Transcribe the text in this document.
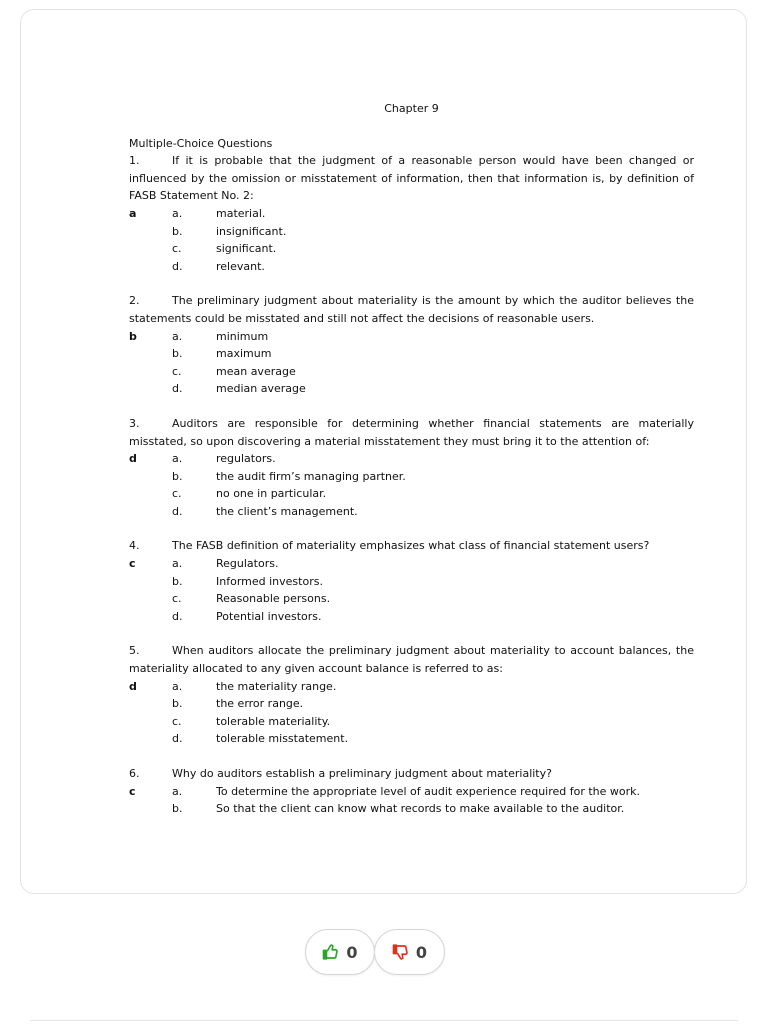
Chapter 9

Multiple-Choice Questions

1.	If it is probable that the judgment of a reasonable person would have been changed or influenced by the omission or misstatement of information, then that information is, by definition of FASB Statement No. 2:

a	a.	material.
b.	insignificant.
c.	significant.
d.	relevant.

2.	The preliminary judgment about materiality is the amount by which the auditor believes the statements could be misstated and still not affect the decisions of reasonable users.

b	a.	minimum
b.	maximum
c.	mean average
d.	median average

3.	Auditors are responsible for determining whether financial statements are materially misstated, so upon discovering a material misstatement they must bring it to the attention of:

d	a.	regulators.
b.	the audit firm’s managing partner.
c.	no one in particular.
d.	the client’s management.

4.	The FASB definition of materiality emphasizes what class of financial statement users?

c	a.	Regulators.
b.	Informed investors.
c.	Reasonable persons.
d.	Potential investors.

5.	When auditors allocate the preliminary judgment about materiality to account balances, the materiality allocated to any given account balance is referred to as:

d	a.	the materiality range.
b.	the error range.
c.	tolerable materiality.
d.	tolerable misstatement.

6.	Why do auditors establish a preliminary judgment about materiality?

c	a.	To determine the appropriate level of audit experience required for the work.
b.	So that the client can know what records to make available to the auditor.
0	0
